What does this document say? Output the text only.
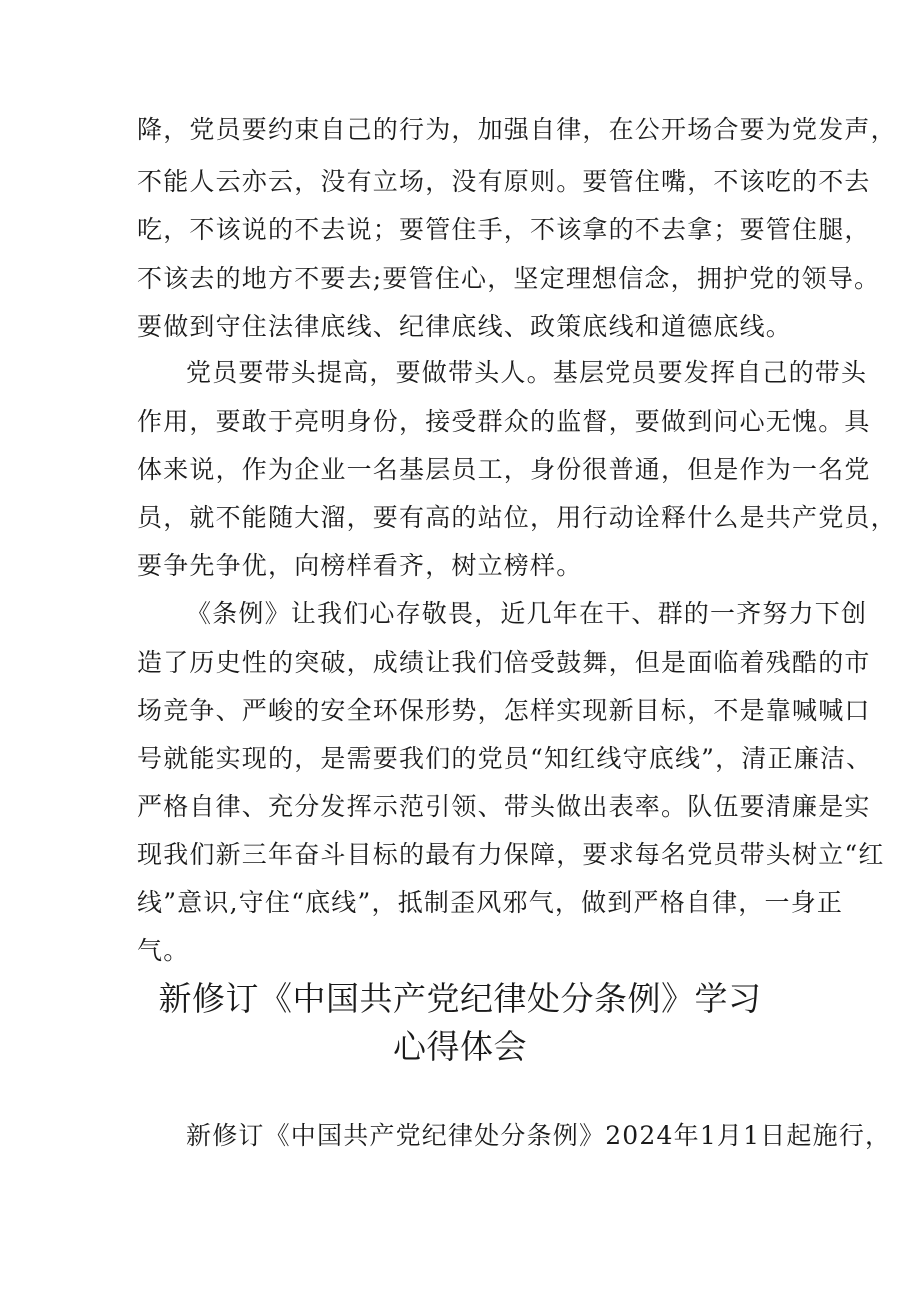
降，党员要约束自己的行为，加强自律，在公开场合要为党发声，
不能人云亦云，没有立场，没有原则。要管住嘴，不该吃的不去
吃，不该说的不去说；要管住手，不该拿的不去拿；要管住腿，
不该去的地方不要去;要管住心，坚定理想信念，拥护党的领导。
要做到守住法律底线、纪律底线、政策底线和道德底线。
党员要带头提高，要做带头人。基层党员要发挥自己的带头
作用，要敢于亮明身份，接受群众的监督，要做到问心无愧。具
体来说，作为企业一名基层员工，身份很普通，但是作为一名党
员，就不能随大溜，要有高的站位，用行动诠释什么是共产党员，
要争先争优，向榜样看齐，树立榜样。
《条例》让我们心存敬畏，近几年在干、群的一齐努力下创
造了历史性的突破，成绩让我们倍受鼓舞，但是面临着残酷的市
场竞争、严峻的安全环保形势，怎样实现新目标，不是靠喊喊口
号就能实现的，是需要我们的党员“知红线守底线”，清正廉洁、
严格自律、充分发挥示范引领、带头做出表率。队伍要清廉是实
现我们新三年奋斗目标的最有力保障，要求每名党员带头树立“红
线”意识,守住“底线”，抵制歪风邪气，做到严格自律，一身正
气。
新修订《中国共产党纪律处分条例》学习
心得体会
新修订《中国共产党纪律处分条例》2024年1月1日起施行，
